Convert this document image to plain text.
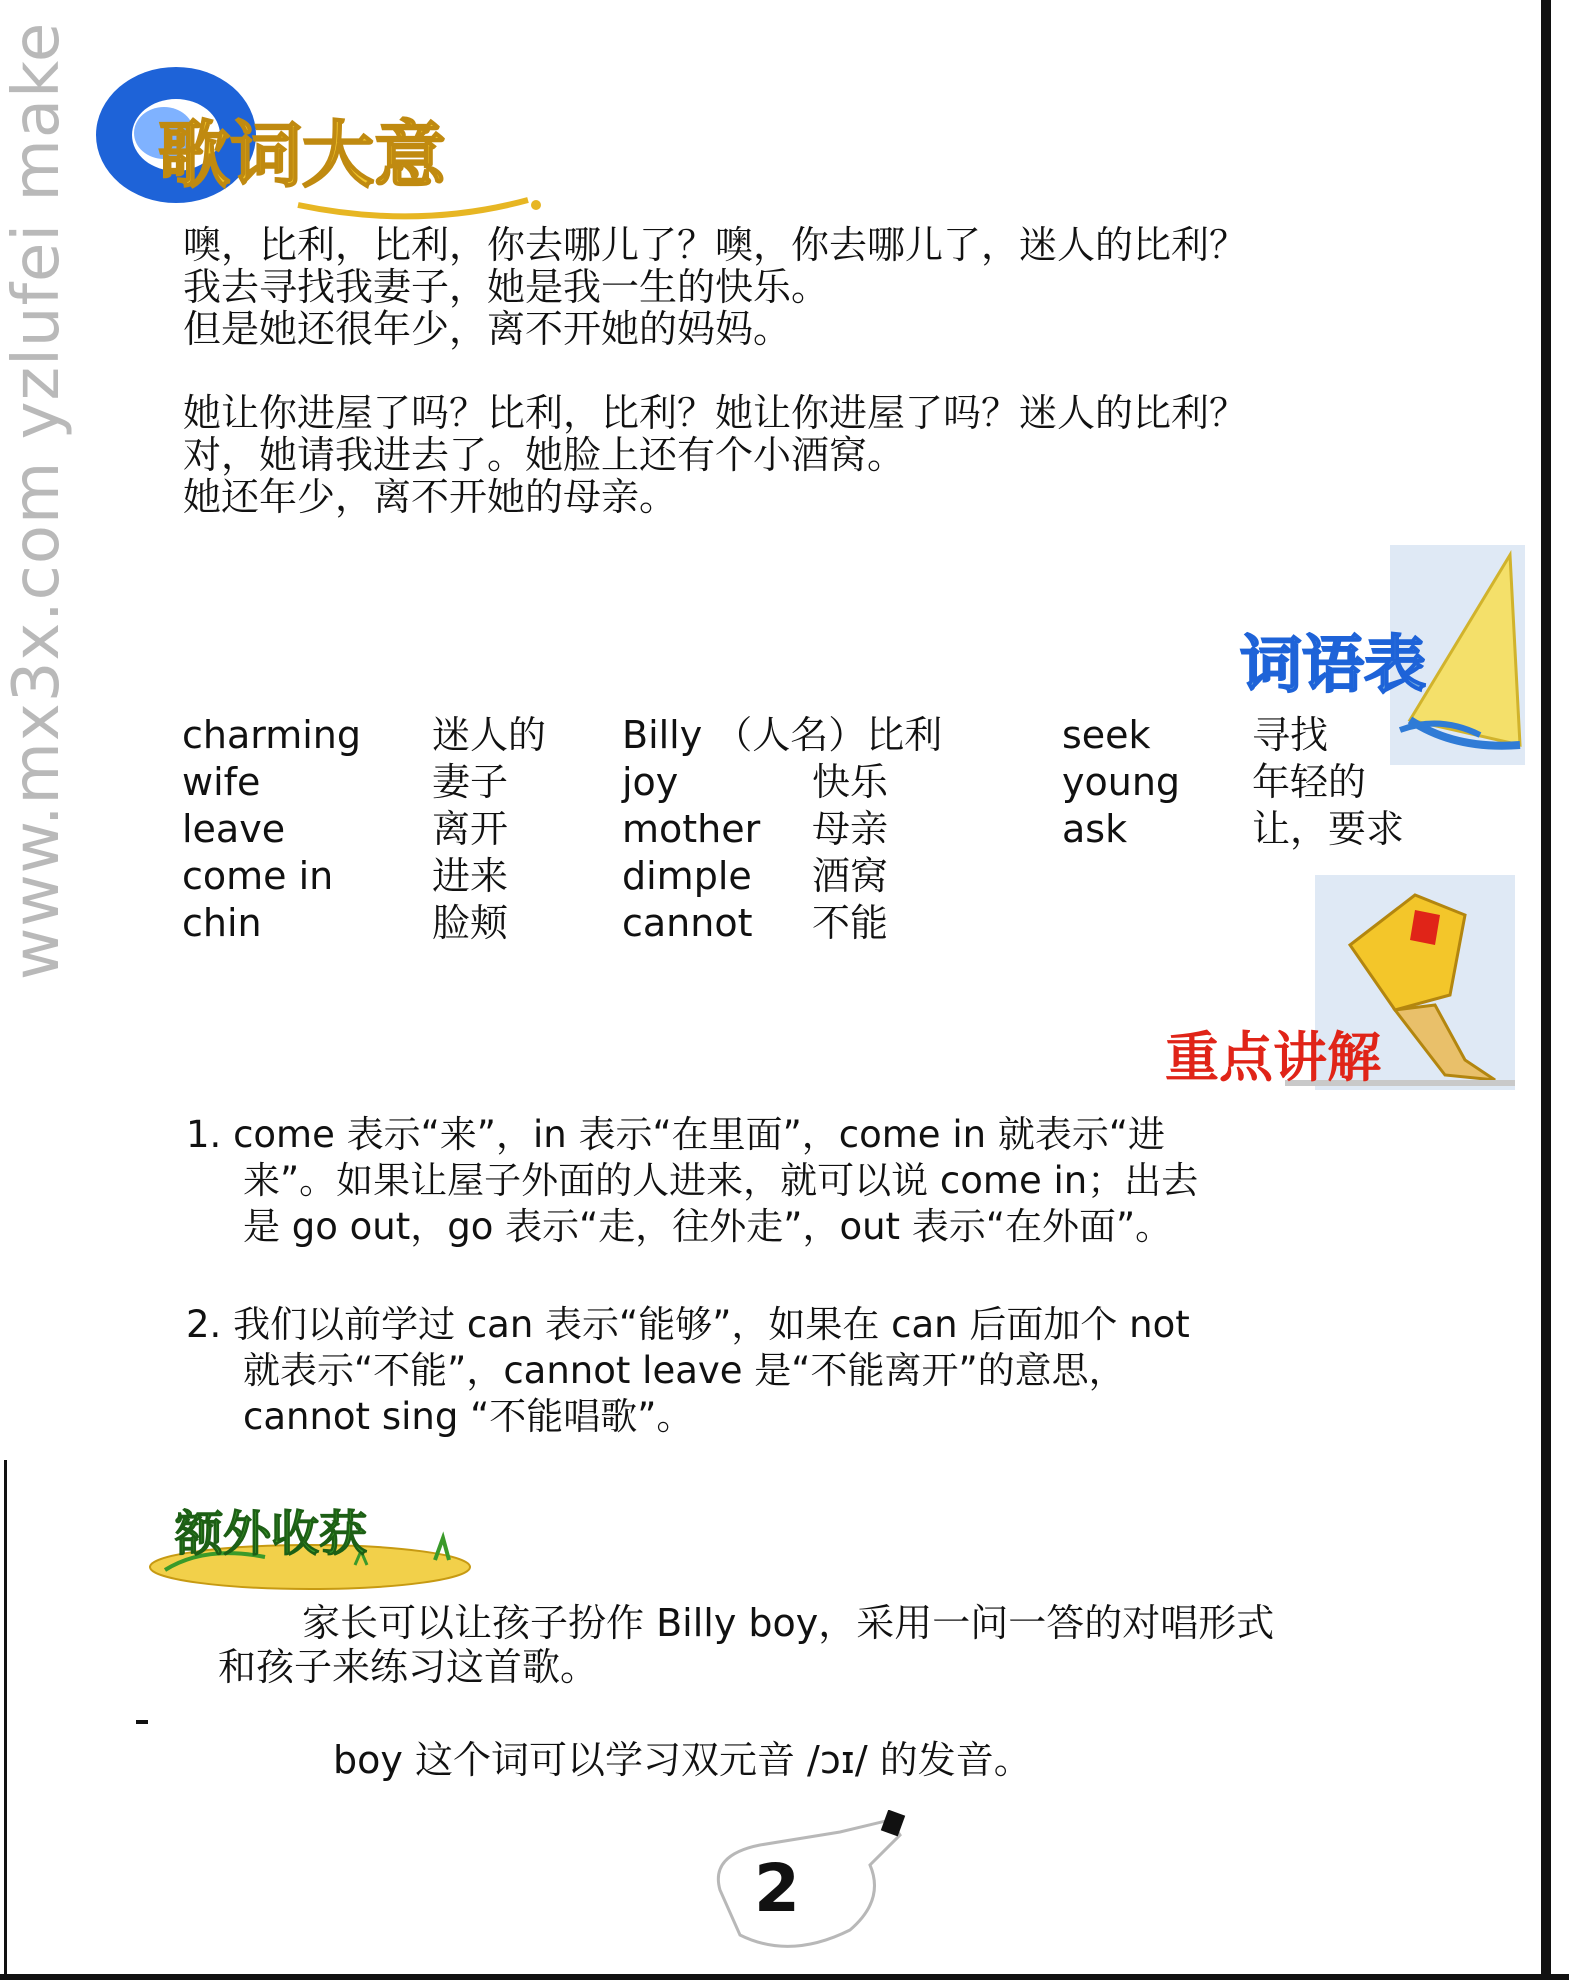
www.mx3x.com yzlufei make 歌词大意

噢，比利，比利，你去哪儿了？噢，你去哪儿了，迷人的比利？

我去寻找我妻子，她是我一生的快乐。

但是她还很年少，离不开她的妈妈。

她让你进屋了吗？比利，比利？她让你进屋了吗？迷人的比利？

对，她请我进去了。她脸上还有个小酒窝。

她还年少，离不开她的母亲。

词语表
charming 迷人的
wife	妻子
leave	离开
come in	进来
chin	脸颊
Billy （人名）比利
joy	快乐
mother 母亲
dimple 酒窝
cannot 不能
seek	寻找
young 年轻的
ask	让，要求
重点讲解

1. come 表示“来”，in 表示“在里面”，come in 就表示“进

来”。如果让屋子外面的人进来，就可以说 come in；出去

是 go out，go 表示“走，往外走”，out 表示“在外面”。

2. 我们以前学过 can 表示“能够”，如果在 can 后面加个 not

就表示“不能”，cannot leave 是“不能离开”的意思，

cannot sing “不能唱歌”。

额外收获
家长可以让孩子扮作 Billy boy，采用一问一答的对唱形式
和孩子来练习这首歌。
boy 这个词可以学习双元音 /ɔɪ/ 的发音。
2
